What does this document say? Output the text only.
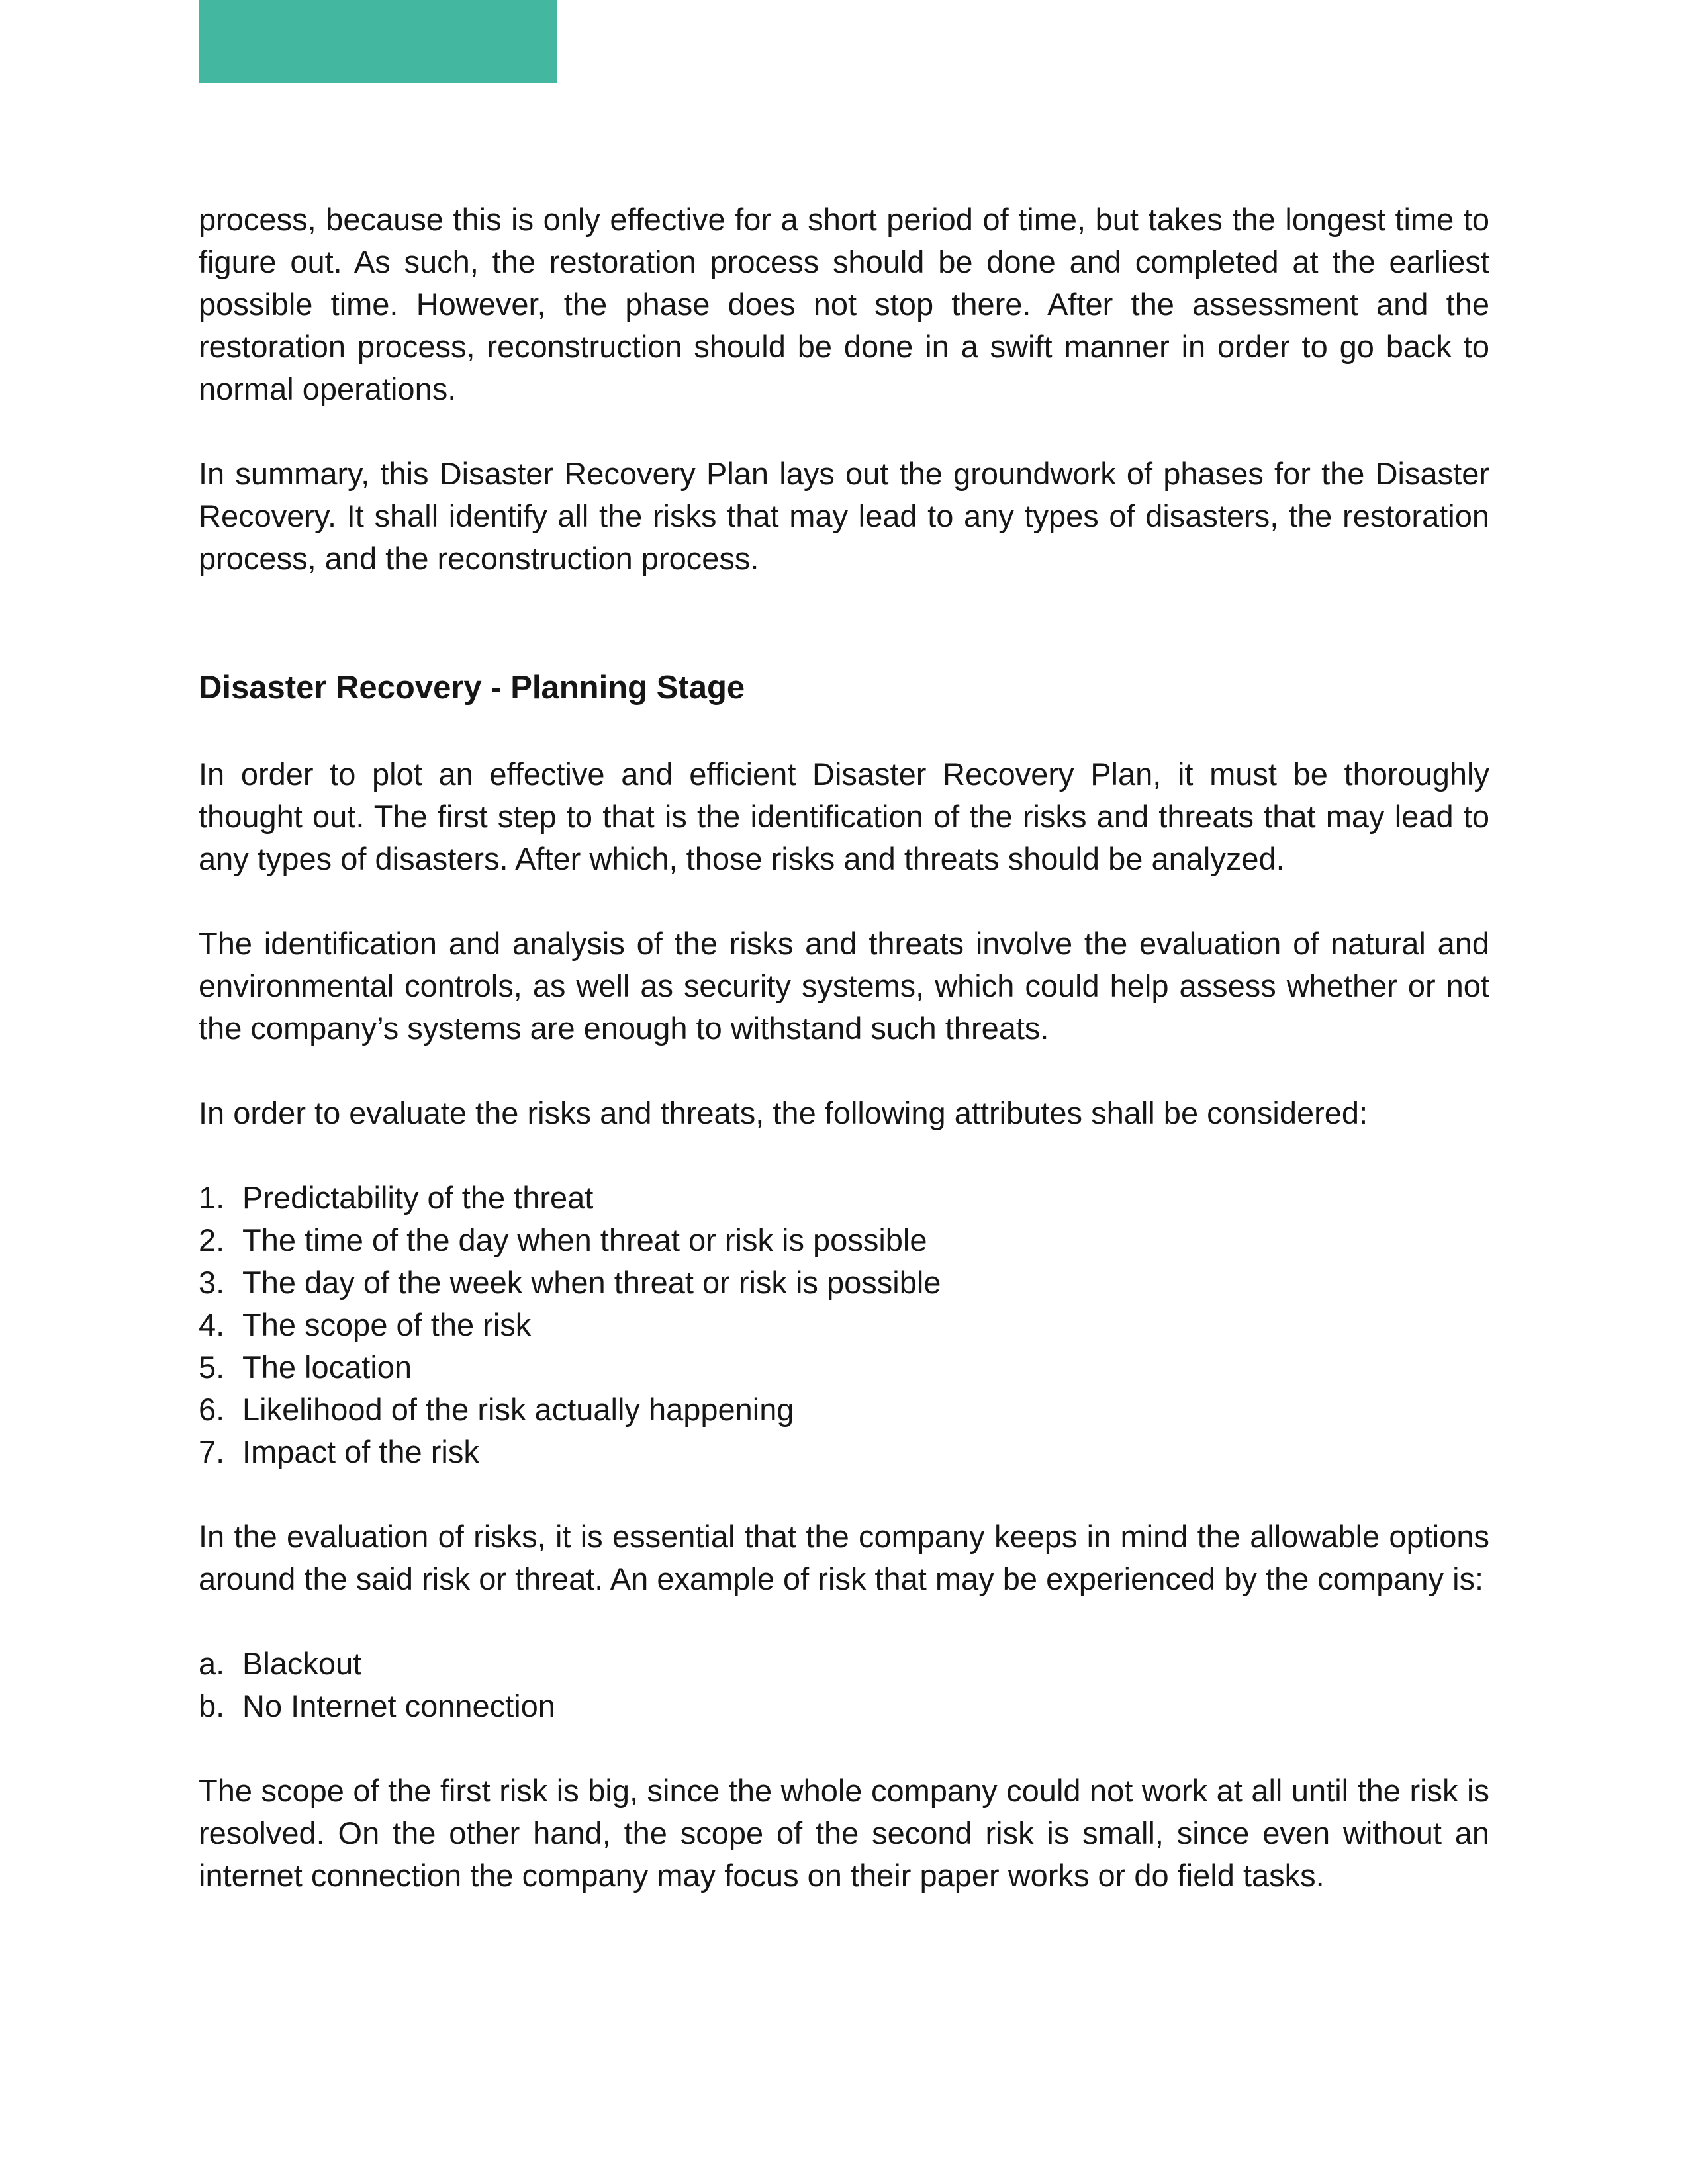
process, because this is only effective for a short period of time, but takes the longest time to figure out. As such, the restoration process should be done and completed at the earliest possible time. However, the phase does not stop there. After the assessment and the restoration process, reconstruction should be done in a swift manner in order to go back to normal operations.

In summary, this Disaster Recovery Plan lays out the groundwork of phases for the Disaster Recovery. It shall identify all the risks that may lead to any types of disasters, the restoration process, and the reconstruction process.

Disaster Recovery - Planning Stage

In order to plot an effective and efficient Disaster Recovery Plan, it must be thoroughly thought out. The first step to that is the identification of the risks and threats that may lead to any types of disasters. After which, those risks and threats should be analyzed.

The identification and analysis of the risks and threats involve the evaluation of natural and environmental controls, as well as security systems, which could help assess whether or not the company’s systems are enough to withstand such threats.

In order to evaluate the risks and threats, the following attributes shall be considered:

1. Predictability of the threat
2. The time of the day when threat or risk is possible
3. The day of the week when threat or risk is possible
4. The scope of the risk
5. The location
6. Likelihood of the risk actually happening
7. Impact of the risk

In the evaluation of risks, it is essential that the company keeps in mind the allowable options around the said risk or threat. An example of risk that may be experienced by the company is:

a. Blackout
b. No Internet connection

The scope of the first risk is big, since the whole company could not work at all until the risk is resolved. On the other hand, the scope of the second risk is small, since even without an internet connection the company may focus on their paper works or do field tasks.
